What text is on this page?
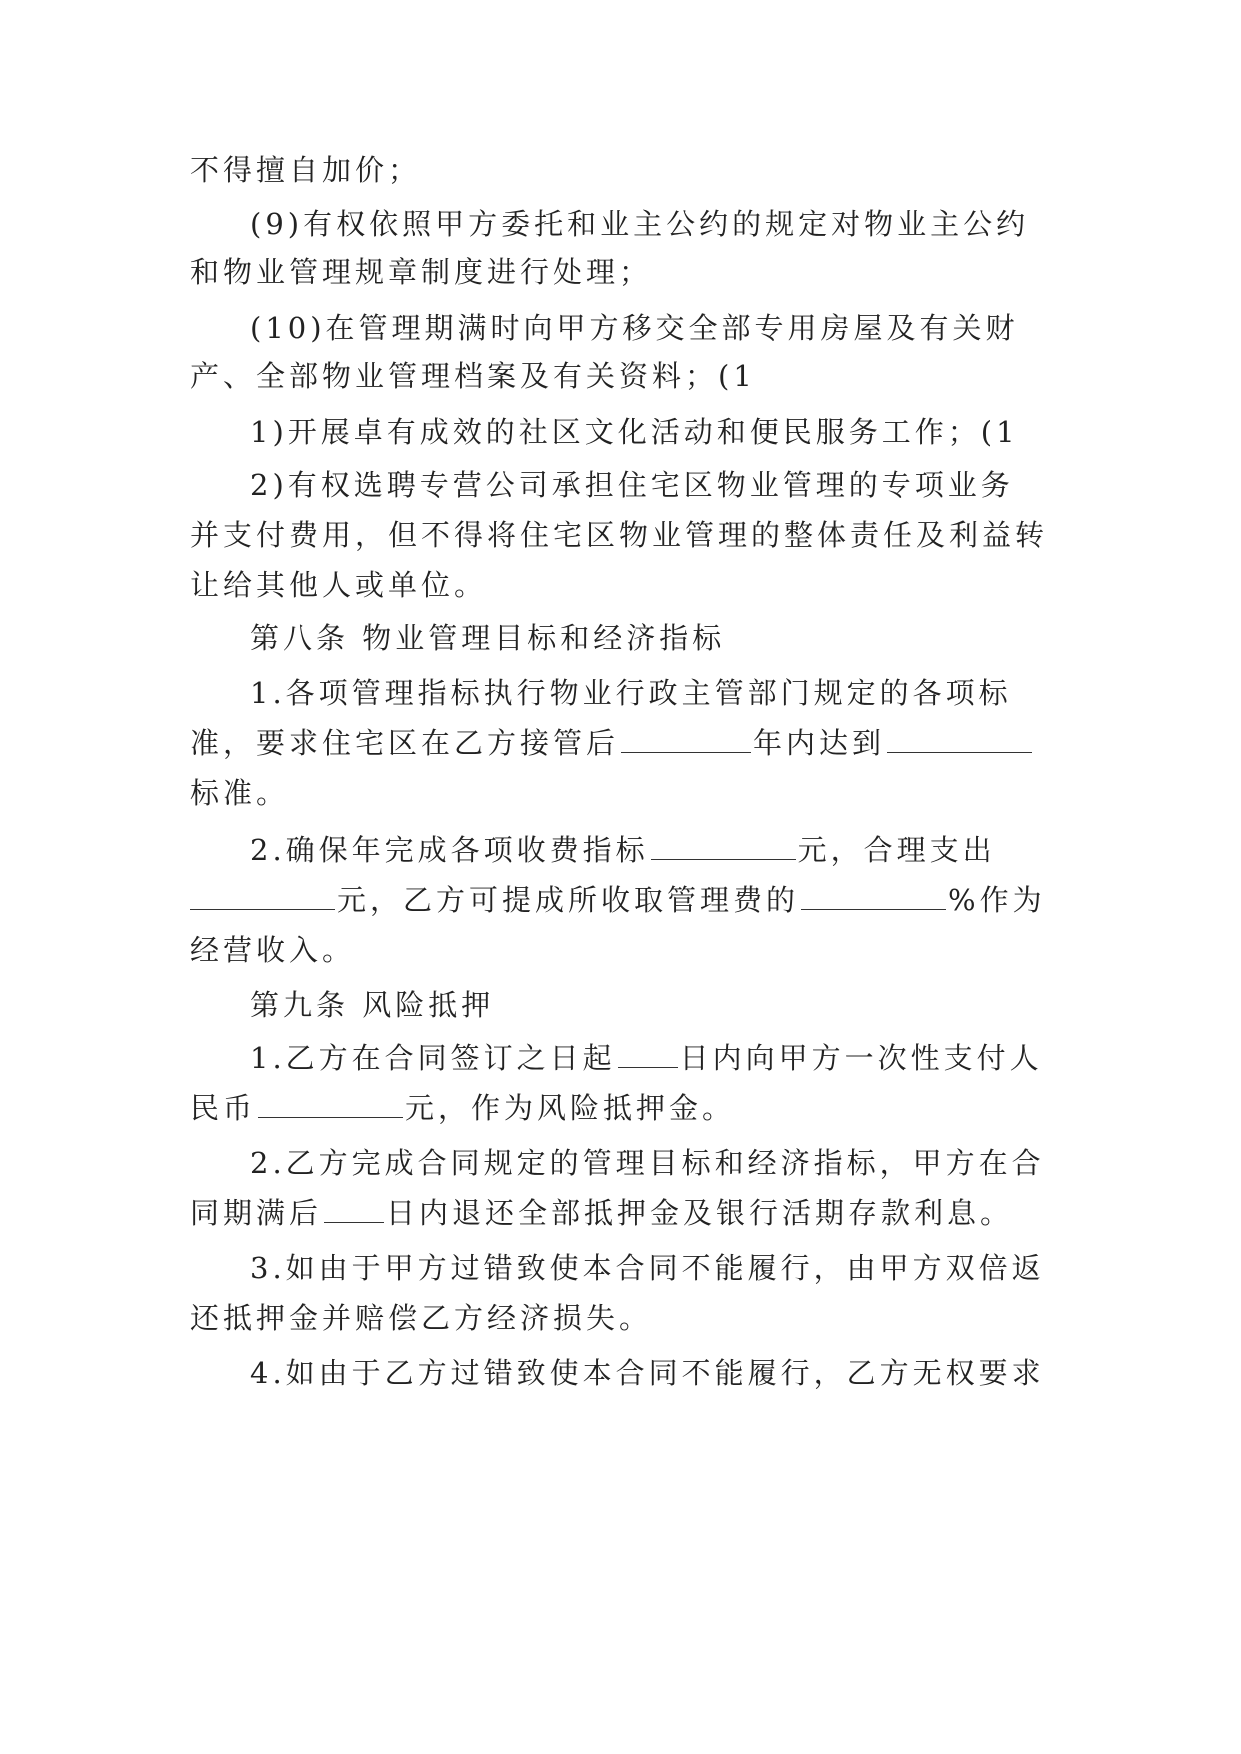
不得擅自加价；
(9)有权依照甲方委托和业主公约的规定对物业主公约
和物业管理规章制度进行处理；
(10)在管理期满时向甲方移交全部专用房屋及有关财
产、全部物业管理档案及有关资料；(1
1)开展卓有成效的社区文化活动和便民服务工作；(1
2)有权选聘专营公司承担住宅区物业管理的专项业务
并支付费用，但不得将住宅区物业管理的整体责任及利益转
让给其他人或单位。
第八条 物业管理目标和经济指标
1.各项管理指标执行物业行政主管部门规定的各项标
准，要求住宅区在乙方接管后	年内达到
标准。
2.确保年完成各项收费指标	元，合理支出
元，乙方可提成所收取管理费的	%作为
经营收入。
第九条 风险抵押
1.乙方在合同签订之日起 日内向甲方一次性支付人
民币	元，作为风险抵押金。
2.乙方完成合同规定的管理目标和经济指标，甲方在合
同期满后 日内退还全部抵押金及银行活期存款利息。
3.如由于甲方过错致使本合同不能履行，由甲方双倍返
还抵押金并赔偿乙方经济损失。
4.如由于乙方过错致使本合同不能履行，乙方无权要求
